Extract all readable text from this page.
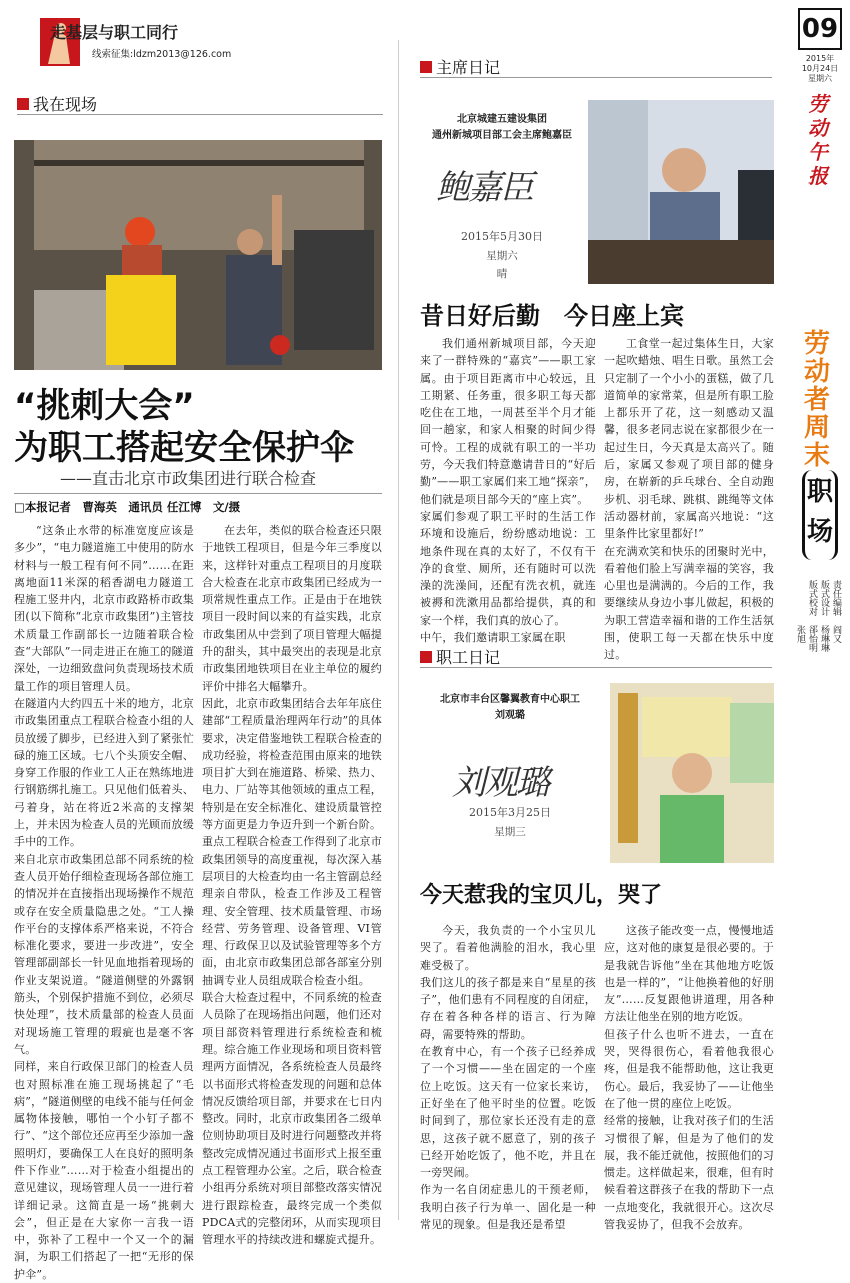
走基层与职工同行
线索征集:ldzm2013@126.com
我在现场
“挑刺大会”
为职工搭起安全保护伞
——直击北京市政集团进行联合检查
□本报记者　曹海英　通讯员 任江博　文/摄
“这条止水带的标准宽度应该是多少”，“电力隧道施工中使用的防水材料与一般工程有何不同”……在距离地面11米深的稻香湖电力隧道工程施工竖井内，北京市政路桥市政集团(以下简称“北京市政集团”)主管技术质量工作副部长一边随着联合检查“大部队”一同走进正在施工的隧道深处，一边细致盘问负责现场技术质量工作的项目管理人员。
在隧道内大约四五十米的地方，北京市政集团重点工程联合检查小组的人员放缓了脚步，已经进入到了紧张忙碌的施工区域。七八个头顶安全帽、身穿工作服的作业工人正在熟练地进行钢筋绑扎施工。只见他们低着头、弓着身，站在将近2米高的支撑架上，并未因为检查人员的光顾而放缓手中的工作。
来自北京市政集团总部不同系统的检查人员开始仔细检查现场各部位施工的情况并在直接指出现场操作不规范或存在安全质量隐患之处。“工人操作平台的支撑体系严格来说，不符合标准化要求，要进一步改进”，安全管理部副部长一针见血地指着现场的作业支架说道。“隧道侧壁的外露钢筋头，个别保护措施不到位，必须尽快处理”，技术质量部的检查人员面对现场施工管理的瑕疵也是毫不客气。
同样，来自行政保卫部门的检查人员也对照标准在施工现场挑起了“毛病”，“隧道侧壁的电线不能与任何金属物体接触，哪怕一个小钉子都不行”、“这个部位还应再至少添加一盏照明灯，要确保工人在良好的照明条件下作业”……对于检查小组提出的意见建议，现场管理人员一一进行着详细记录。这简直是一场“挑刺大会”，但正是在大家你一言我一语中，弥补了工程中一个又一个的漏洞，为职工们搭起了一把“无形的保护伞”。
在去年，类似的联合检查还只限于地铁工程项目，但是今年三季度以来，这样针对重点工程项目的月度联合大检查在北京市政集团已经成为一项常规性重点工作。正是由于在地铁项目一段时间以来的有益实践，北京市政集团从中尝到了项目管理大幅提升的甜头，其中最突出的表现是北京市政集团地铁项目在业主单位的履约评价中排名大幅攀升。
因此，北京市政集团结合去年年底住建部“工程质量治理两年行动”的具体要求，决定借鉴地铁工程联合检查的成功经验，将检查范围由原来的地铁项目扩大到在施道路、桥梁、热力、电力、厂站等其他领域的重点工程，特别是在安全标准化、建设质量管控等方面更是力争迈升到一个新台阶。
重点工程联合检查工作得到了北京市政集团领导的高度重视，每次深入基层项目的大检查均由一名主管副总经理亲自带队，检查工作涉及工程管理、安全管理、技术质量管理、市场经营、劳务管理、设备管理、VI管理、行政保卫以及试验管理等多个方面，由北京市政集团总部各部室分别抽调专业人员组成联合检查小组。
联合大检查过程中，不同系统的检查人员除了在现场指出问题，他们还对项目部资料管理进行系统检查和梳理。综合施工作业现场和项目资料管理两方面情况，各系统检查人员最终以书面形式将检查发现的问题和总体情况反馈给项目部，并要求在七日内整改。同时，北京市政集团各二级单位则协助项目及时进行问题整改并将整改完成情况通过书面形式上报至重点工程管理办公室。之后，联合检查小组再分系统对项目部整改落实情况进行跟踪检查，最终完成一个类似PDCA式的完整闭环，从而实现项目管理水平的持续改进和螺旋式提升。
主席日记
北京城建五建设集团
通州新城项目部工会主席鲍嘉臣
鲍嘉臣
2015年5月30日
星期六
晴
昔日好后勤　今日座上宾
我们通州新城项目部，今天迎来了一群特殊的“嘉宾”——职工家属。由于项目距离市中心较远，且工期紧、任务重，很多职工每天都吃住在工地，一周甚至半个月才能回一趟家，和家人相聚的时间少得可怜。工程的成就有职工的一半功劳，今天我们特意邀请昔日的“好后勤”——职工家属们来工地“探亲”，他们就是项目部今天的“座上宾”。
家属们参观了职工平时的生活工作环境和设施后，纷纷感动地说：工地条件现在真的太好了，不仅有干净的食堂、厕所，还有随时可以洗澡的洗澡间，还配有洗衣机，就连被褥和洗漱用品都给提供，真的和家一个样，我们真的放心了。
中午，我们邀请职工家属在职
工食堂一起过集体生日，大家一起吹蜡烛、唱生日歌。虽然工会只定制了一个小小的蛋糕，做了几道简单的家常菜，但是所有职工脸上都乐开了花，这一刻感动又温馨，很多老同志说在家都很少在一起过生日，今天真是太高兴了。随后，家属又参观了项目部的健身房，在崭新的乒乓球台、全自动跑步机、羽毛球、跳棋、跳绳等文体活动器材前，家属高兴地说：“这里条件比家里都好!”
在充满欢笑和快乐的团聚时光中，看着他们脸上写满幸福的笑容，我心里也是满满的。今后的工作，我要继续从身边小事儿做起，积极的为职工营造幸福和谐的工作生活氛围，使职工每一天都在快乐中度过。
职工日记
北京市丰台区馨翼教育中心职工
刘观璐
刘观璐
2015年3月25日
星期三
今天惹我的宝贝儿，哭了
今天，我负责的一个小宝贝儿哭了。看着他满脸的泪水，我心里难受极了。
我们这儿的孩子都是来自“星星的孩子”，他们患有不同程度的自闭症，存在着各种各样的语言、行为障碍，需要特殊的帮助。
在教育中心，有一个孩子已经养成了一个习惯——坐在固定的一个座位上吃饭。这天有一位家长来访，正好坐在了他平时坐的位置。吃饭时间到了，那位家长还没有走的意思，这孩子就不愿意了，别的孩子已经开始吃饭了，他不吃，并且在一旁哭闹。
作为一名自闭症患儿的干预老师，我明白孩子行为单一、固化是一种常见的现象。但是我还是希望
这孩子能改变一点，慢慢地适应，这对他的康复是很必要的。于是我就告诉他“坐在其他地方吃饭也是一样的”，“让他换着他的好朋友”……反复跟他讲道理，用各种方法让他坐在别的地方吃饭。
但孩子什么也听不进去，一直在哭，哭得很伤心，看着他我很心疼，但是我不能帮助他，这让我更伤心。最后，我妥协了——让他坐在了他一贯的座位上吃饭。
经常的接触，让我对孩子们的生活习惯很了解，但是为了他们的发展，我不能迁就他，按照他们的习惯走。这样做起来，很难，但有时候看着这群孩子在我的帮助下一点一点地变化，我就很开心。这次尽管我妥协了，但我不会放弃。
09
2015年
10月24日
星期六
劳动午报
劳动者周末
职场
责任编辑　阎又
版式设计　杨琳琳
版式校对　郤怡明
　　　　　张旭
